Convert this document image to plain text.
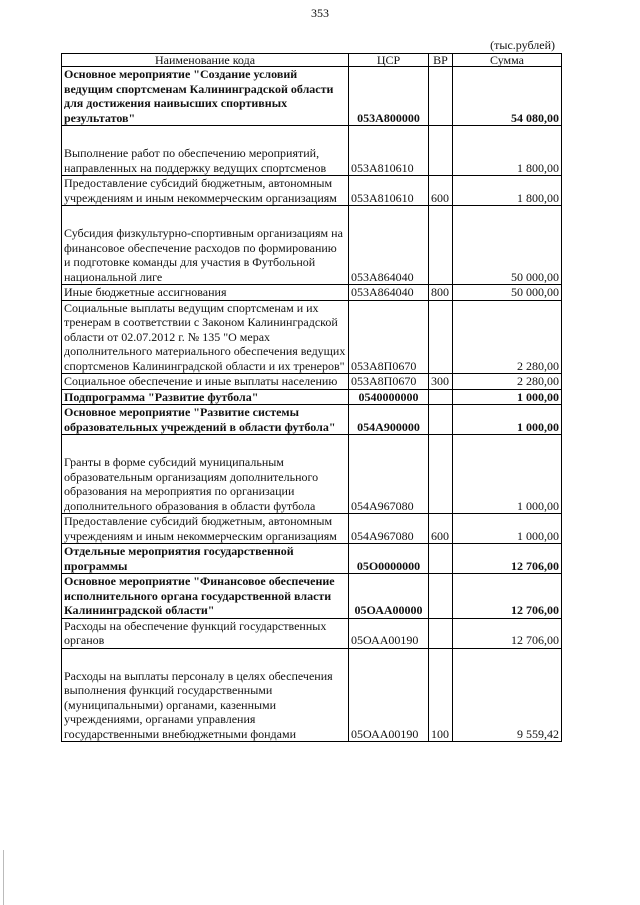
353
(тыс.рублей)
Наименование кода	ЦСР	ВР	Сумма
Основное мероприятие "Создание условий ведущим спортсменам Калининградской области для достижения наивысших спортивных результатов"	053А800000		54 080,00

Выполнение работ по обеспечению мероприятий, направленных на поддержку ведущих спортсменов	053А810610		1 800,00
Предоставление субсидий бюджетным, автономным учреждениям и иным некоммерческим организациям	053А810610	600	1 800,00

Субсидия физкультурно-спортивным организациям на финансовое обеспечение расходов по формированию и подготовке команды для участия в Футбольной национальной лиге	053А864040		50 000,00
Иные бюджетные ассигнования	053А864040	800	50 000,00
Социальные выплаты ведущим спортсменам и их тренерам в соответствии с Законом Калининградской области от 02.07.2012 г. № 135 "О мерах дополнительного материального обеспечения ведущих спортсменов Калининградской области и их тренеров"	053А8П0670		2 280,00
Социальное обеспечение и иные выплаты населению	053А8П0670	300	2 280,00
Подпрограмма "Развитие футбола"	0540000000		1 000,00
Основное мероприятие "Развитие системы образовательных учреждений в области футбола"	054А900000		1 000,00

Гранты в форме субсидий муниципальным образовательным организациям дополнительного образования на мероприятия по организации дополнительного образования в области футбола	054А967080		1 000,00
Предоставление субсидий бюджетным, автономным учреждениям и иным некоммерческим организациям	054А967080	600	1 000,00
Отдельные мероприятия государственной программы	05О0000000		12 706,00
Основное мероприятие "Финансовое обеспечение исполнительного органа государственной власти Калининградской области"	05ОАА00000		12 706,00
Расходы на обеспечение функций государственных органов	05ОАА00190		12 706,00

Расходы на выплаты персоналу в целях обеспечения выполнения функций государственными (муниципальными) органами, казенными учреждениями, органами управления государственными внебюджетными фондами	05ОАА00190	100	9 559,42
